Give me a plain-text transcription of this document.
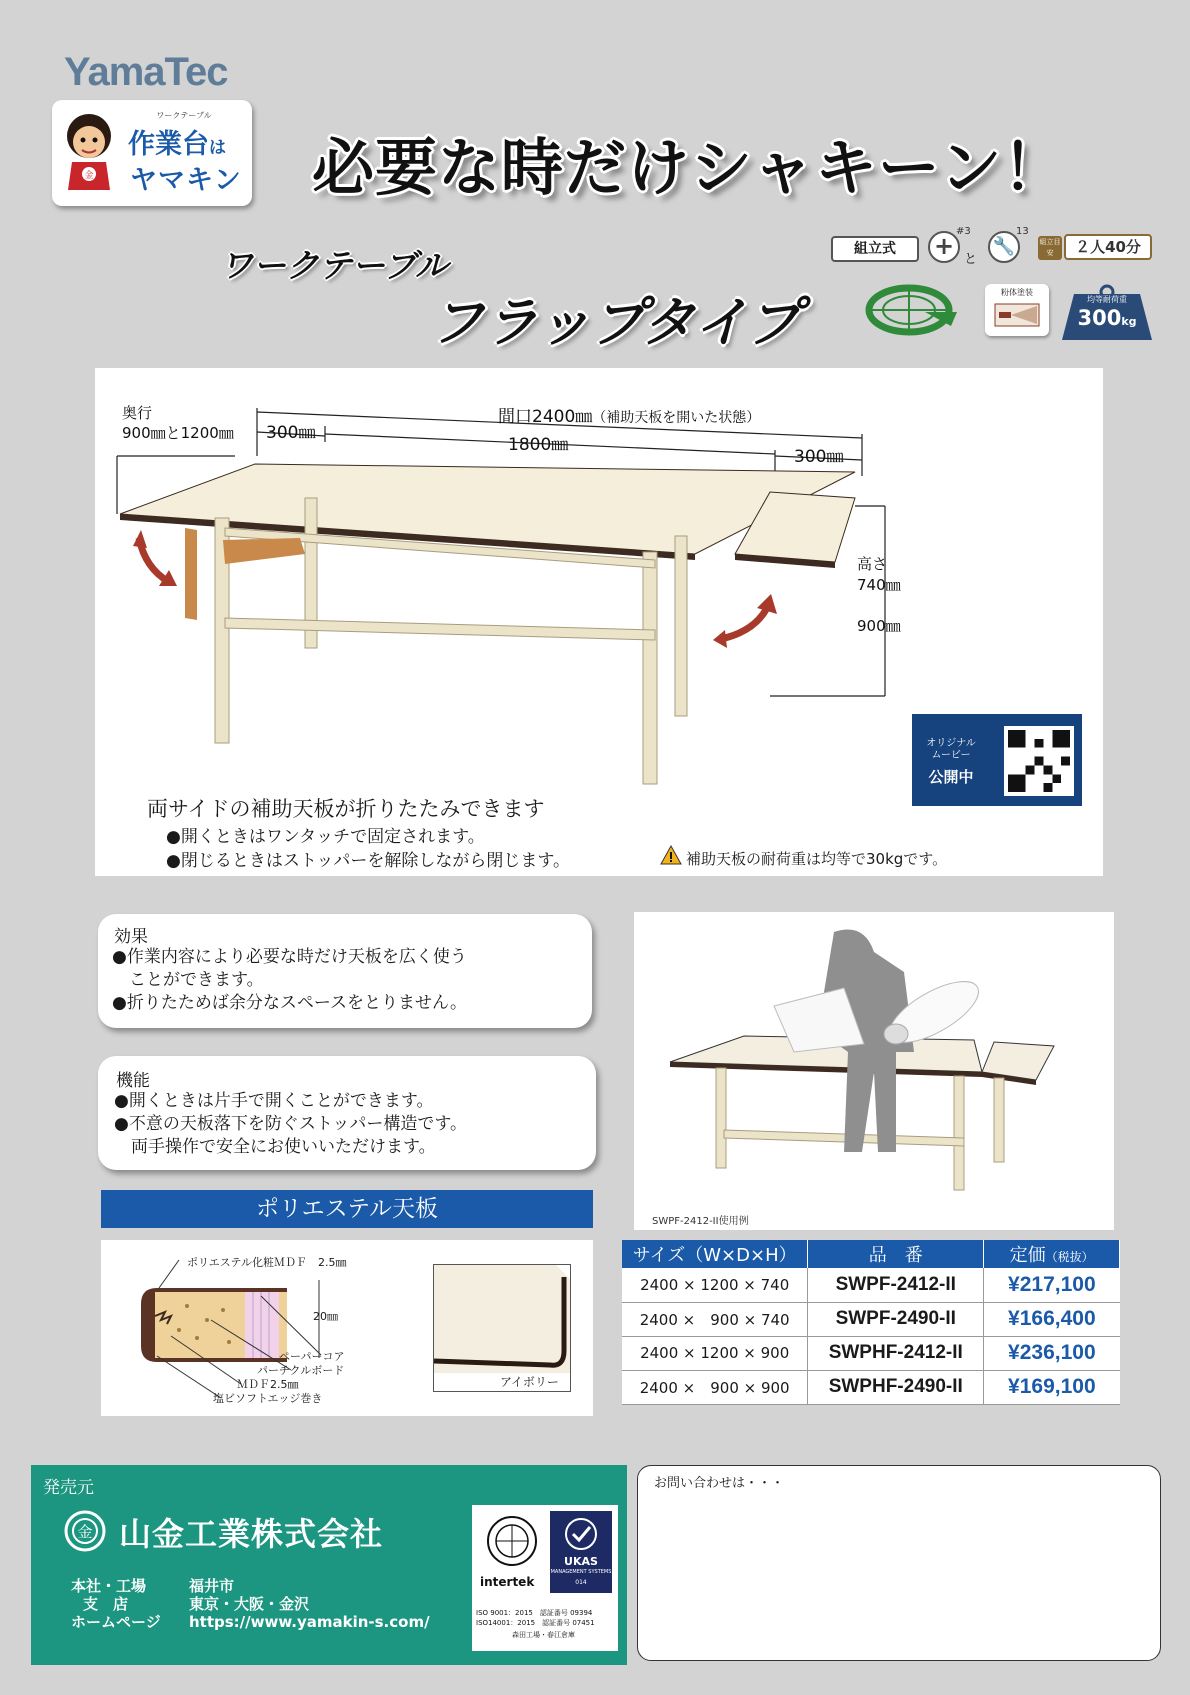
YamaTec
金
ワークテーブル
作業台は
ヤマキン 必要な時だけシャキーン！
ワークテーブル
フラップタイプ
組立式	+
#3
と
🔧
13
組立目安	２人40分
粉体塗装
均等耐荷重
300kg
奥行
900㎜と1200㎜
間口2400㎜（補助天板を開いた状態）
300㎜
1800㎜
300㎜
高さ
740㎜
900㎜
オリジナル
ムービー
公開中
両サイドの補助天板が折りたたみできます
●開くときはワンタッチで固定されます。
●閉じるときはストッパーを解除しながら閉じます。	補助天板の耐荷重は均等で30kgです。
効果
●作業内容により必要な時だけ天板を広く使う
　ことができます。
●折りたためば余分なスペースをとりません。
機能
●開くときは片手で開くことができます。
●不意の天板落下を防ぐストッパー構造です。
　両手操作で安全にお使いいただけます。
ポリエステル天板
ポリエステル化粧ＭＤＦ　2.5㎜
20㎜
ペーパーコア
パーチクルボード
ＭＤＦ2.5㎜
塩ビソフトエッジ巻き
アイボリー
SWPF-2412-II使用例
サイズ（W×D×H）	品　番	定価（税抜）
2400 × 1200 × 740	SWPF-2412-II	¥217,100
2400 ×　900 × 740	SWPF-2490-II	¥166,400
2400 × 1200 × 900	SWPHF-2412-II	¥236,100
2400 ×　900 × 900	SWPHF-2490-II	¥169,100
発売元
金 山金工業株式会社
本社・工場	福井市
支　店	東京・大阪・金沢
ホームページ https://www.yamakin-s.com/
intertek
UKAS
MANAGEMENT SYSTEMS
014
ISO 9001：2015　認証番号 09394
ISO14001：2015　認証番号 07451
森田工場・春江倉庫
お問い合わせは・・・
